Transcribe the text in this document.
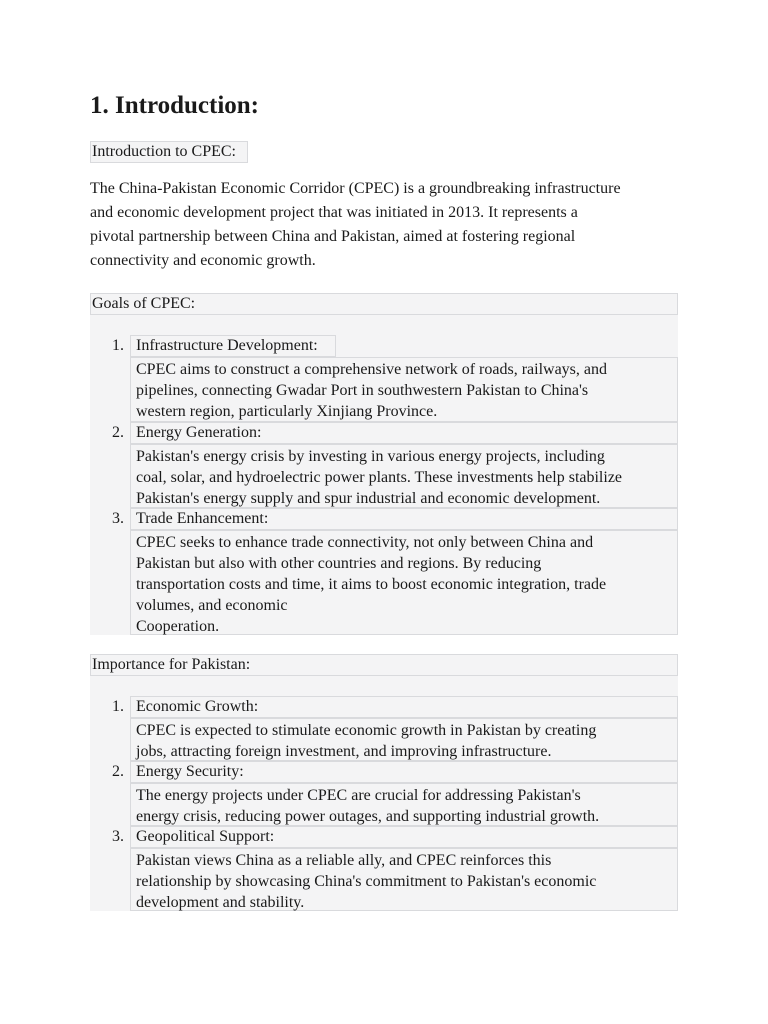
1. Introduction:
Introduction to CPEC:
The China-Pakistan Economic Corridor (CPEC) is a groundbreaking infrastructure
and economic development project that was initiated in 2013. It represents a
pivotal partnership between China and Pakistan, aimed at fostering regional
connectivity and economic growth.
Goals of CPEC:
1. Infrastructure Development:
CPEC aims to construct a comprehensive network of roads, railways, and
pipelines, connecting Gwadar Port in southwestern Pakistan to China's
western region, particularly Xinjiang Province.
2. Energy Generation:
Pakistan's energy crisis by investing in various energy projects, including
coal, solar, and hydroelectric power plants. These investments help stabilize
Pakistan's energy supply and spur industrial and economic development.
3. Trade Enhancement:
CPEC seeks to enhance trade connectivity, not only between China and
Pakistan but also with other countries and regions. By reducing
transportation costs and time, it aims to boost economic integration, trade
volumes, and economic
Cooperation.
Importance for Pakistan:
1. Economic Growth:
CPEC is expected to stimulate economic growth in Pakistan by creating
jobs, attracting foreign investment, and improving infrastructure.
2. Energy Security:
The energy projects under CPEC are crucial for addressing Pakistan's
energy crisis, reducing power outages, and supporting industrial growth.
3. Geopolitical Support:
Pakistan views China as a reliable ally, and CPEC reinforces this
relationship by showcasing China's commitment to Pakistan's economic
development and stability.
